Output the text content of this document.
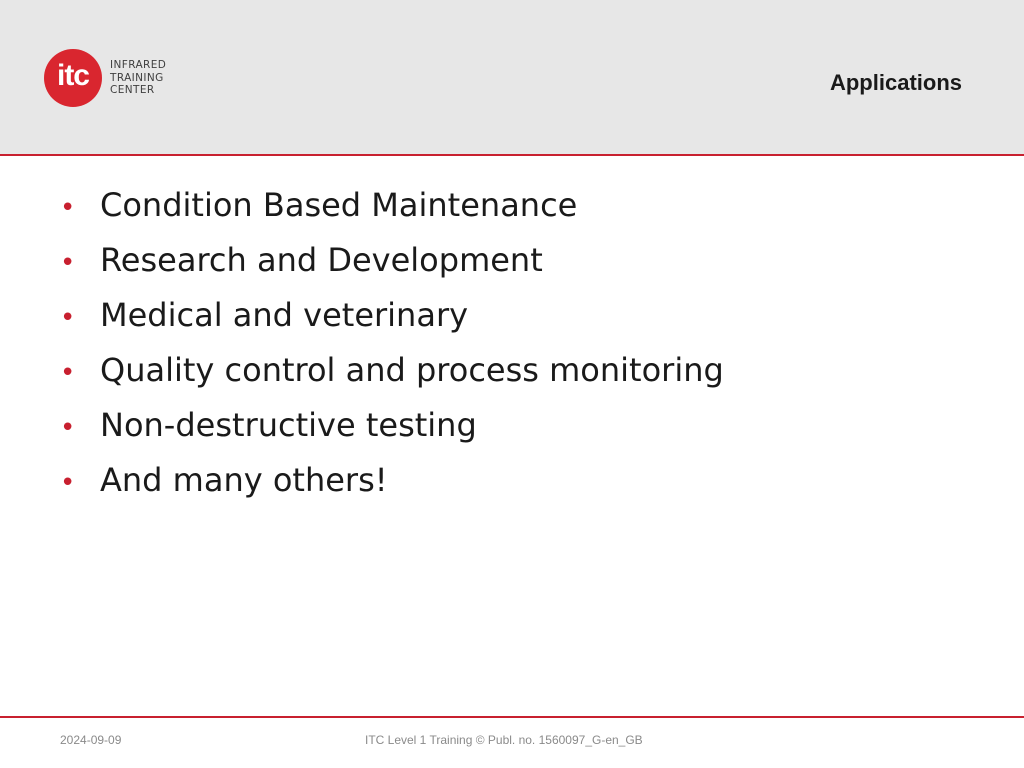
itc	INFRARED
TRAINING
CENTER	Applications
• Condition Based Maintenance
• Research and Development
• Medical and veterinary
• Quality control and process monitoring
• Non-destructive testing
• And many others!
2024-09-09	ITC Level 1 Training © Publ. no. 1560097_G-en_GB
